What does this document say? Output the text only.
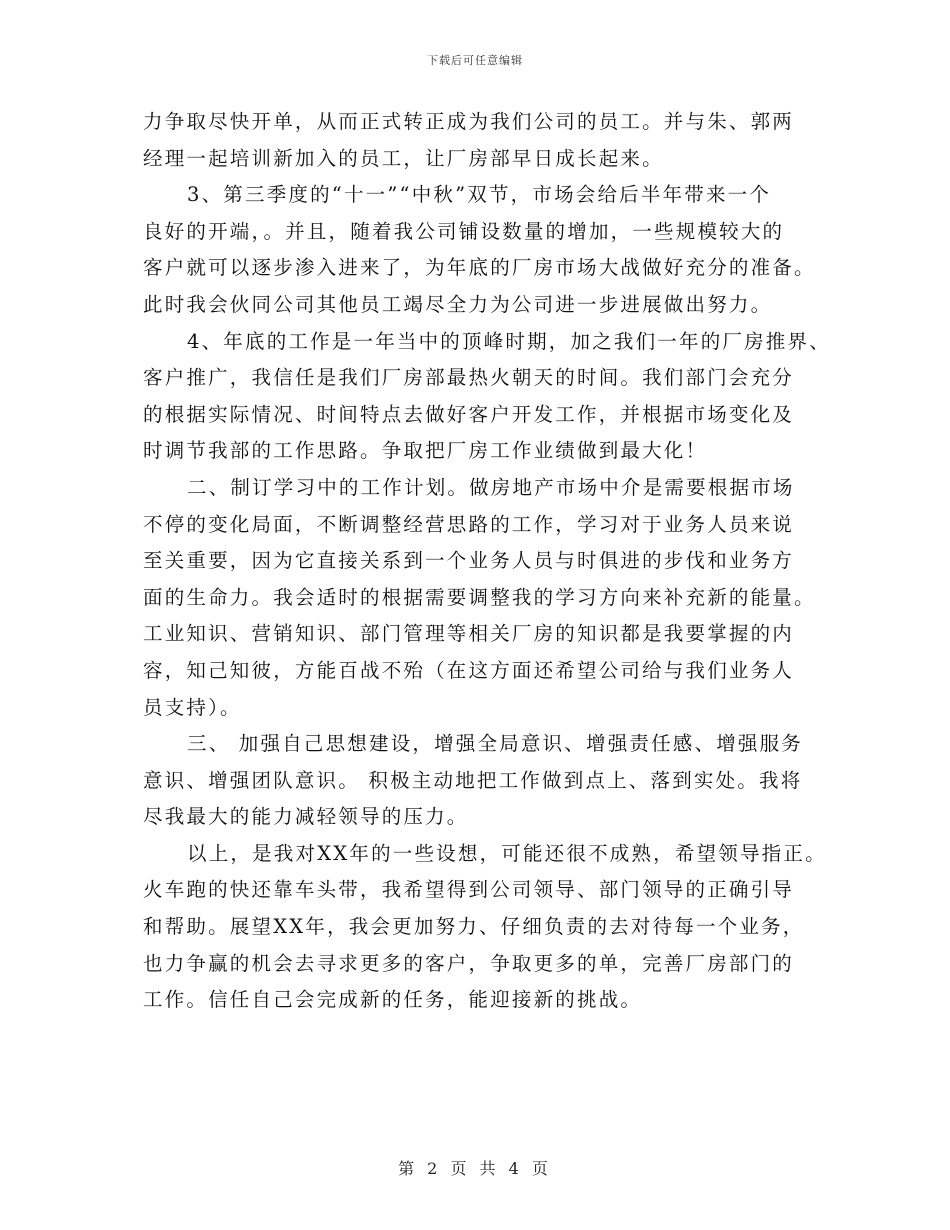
下载后可任意编辑
力争取尽快开单，从而正式转正成为我们公司的员工。并与朱、郭两
经理一起培训新加入的员工，让厂房部早日成长起来。
3、第三季度的“十一”“中秋”双节，市场会给后半年带来一个
良好的开端，。并且，随着我公司铺设数量的增加，一些规模较大的
客户就可以逐步渗入进来了，为年底的厂房市场大战做好充分的准备。
此时我会伙同公司其他员工竭尽全力为公司进一步进展做出努力。
4、年底的工作是一年当中的顶峰时期，加之我们一年的厂房推界、
客户推广，我信任是我们厂房部最热火朝天的时间。我们部门会充分
的根据实际情况、时间特点去做好客户开发工作，并根据市场变化及
时调节我部的工作思路。争取把厂房工作业绩做到最大化！
二、制订学习中的工作计划。做房地产市场中介是需要根据市场
不停的变化局面，不断调整经营思路的工作，学习对于业务人员来说
至关重要，因为它直接关系到一个业务人员与时俱进的步伐和业务方
面的生命力。我会适时的根据需要调整我的学习方向来补充新的能量。
工业知识、营销知识、部门管理等相关厂房的知识都是我要掌握的内
容，知己知彼，方能百战不殆（在这方面还希望公司给与我们业务人
员支持）。
三、 加强自己思想建设，增强全局意识、增强责任感、增强服务
意识、增强团队意识。 积极主动地把工作做到点上、落到实处。我将
尽我最大的能力减轻领导的压力。
以上，是我对XX年的一些设想，可能还很不成熟，希望领导指正。
火车跑的快还靠车头带，我希望得到公司领导、部门领导的正确引导
和帮助。展望XX年，我会更加努力、仔细负责的去对待每一个业务，
也力争赢的机会去寻求更多的客户，争取更多的单，完善厂房部门的
工作。信任自己会完成新的任务，能迎接新的挑战。
第 2 页 共 4 页
